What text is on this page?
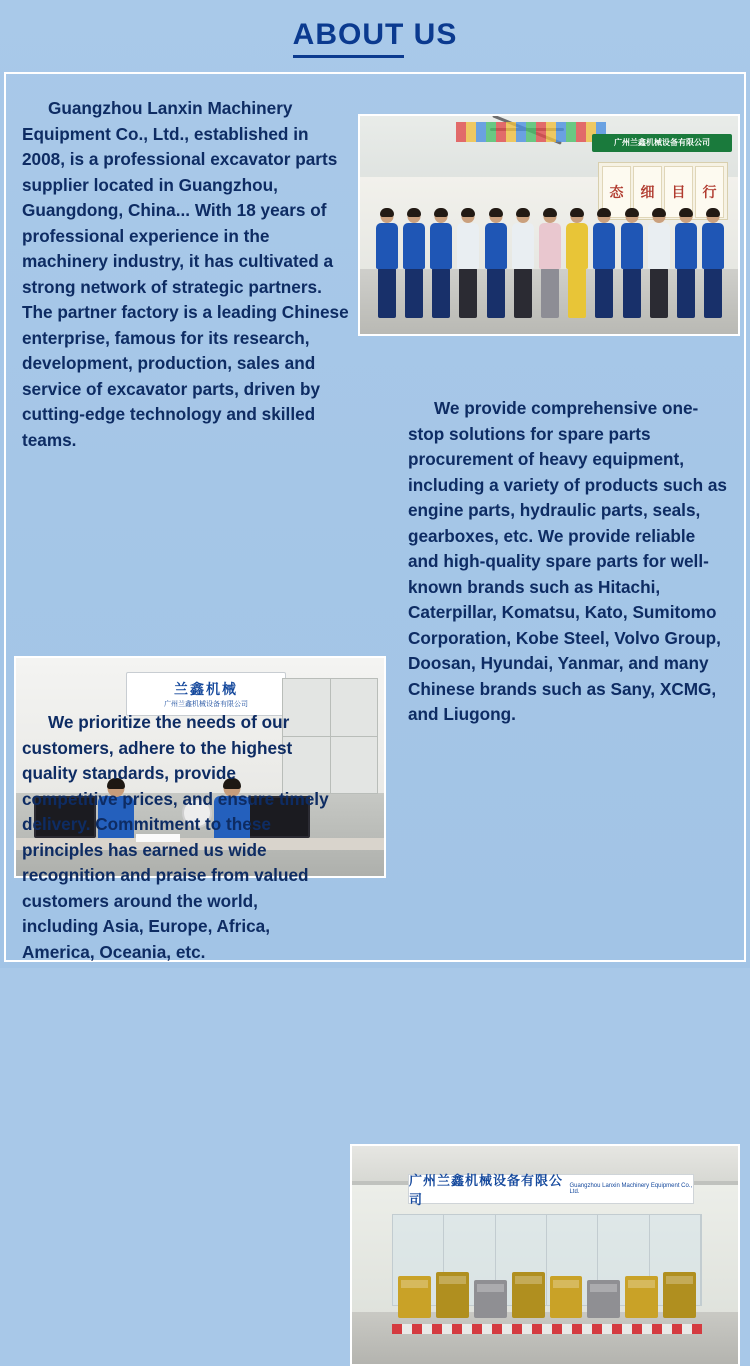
ABOUT US
Guangzhou Lanxin Machinery Equipment Co., Ltd., established in 2008, is a professional excavator parts supplier located in Guangzhou, Guangdong, China... With 18 years of professional experience in the machinery industry, it has cultivated a strong network of strategic partners. The partner factory is a leading Chinese enterprise, famous for its research, development, production, sales and service of excavator parts, driven by cutting-edge technology and skilled teams.
广州兰鑫机械设备有限公司
态	细	目	行
兰鑫机械
广州兰鑫机械设备有限公司
We provide comprehensive one-stop solutions for spare parts procurement of heavy equipment, including a variety of products such as engine parts, hydraulic parts, seals, gearboxes, etc. We provide reliable and high-quality spare parts for well-known brands such as Hitachi, Caterpillar, Komatsu, Kato, Sumitomo Corporation, Kobe Steel, Volvo Group, Doosan, Hyundai, Yanmar, and many Chinese brands such as Sany, XCMG, and Liugong.
We prioritize the needs of our customers, adhere to the highest quality standards, provide competitive prices, and ensure timely delivery. Commitment to these principles has earned us wide recognition and praise from valued customers around the world, including Asia, Europe, Africa, America, Oceania, etc.
广州兰鑫机械设备有限公司
Guangzhou Lanxin Machinery Equipment Co., Ltd.
